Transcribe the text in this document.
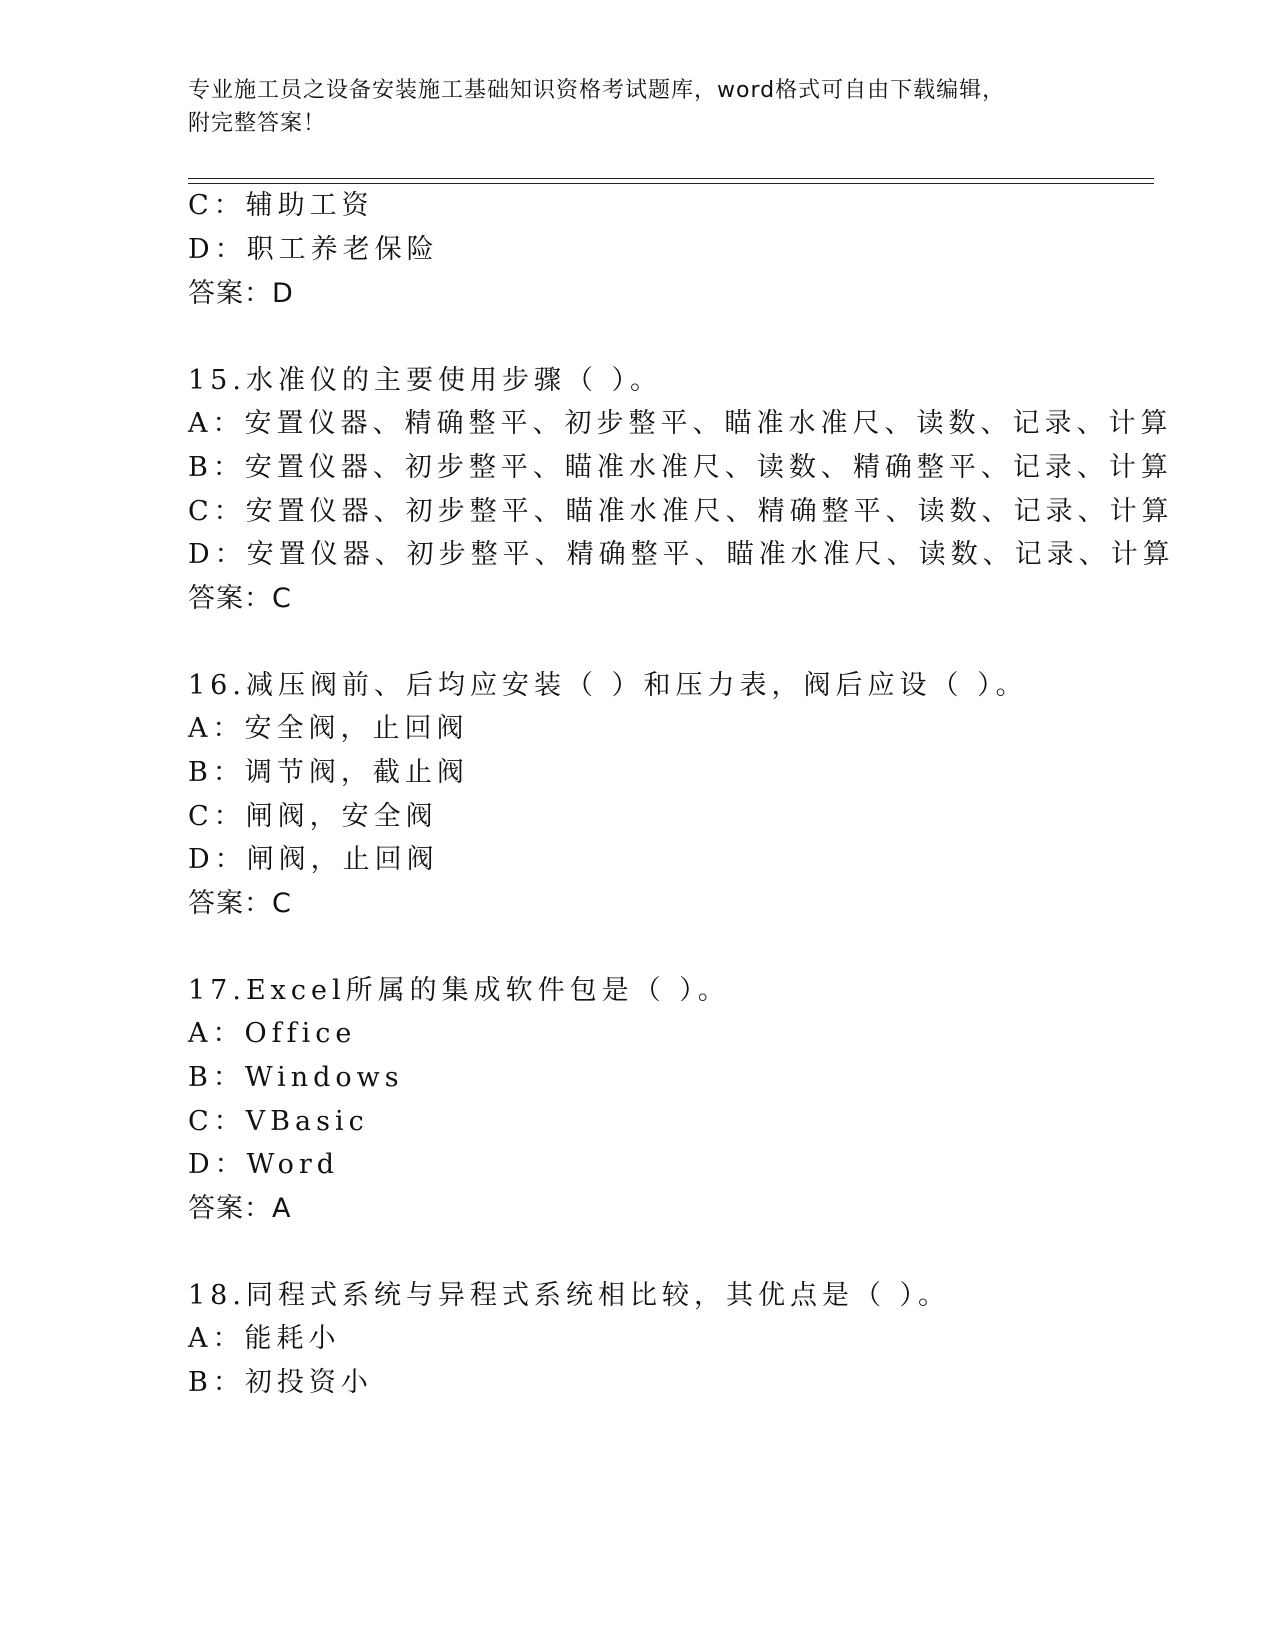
专业施工员之设备安装施工基础知识资格考试题库，word格式可自由下载编辑，
附完整答案！
C：辅助工资
D：职工养老保险
答案：D
15.水准仪的主要使用步骤（ ）。
A：安置仪器、精确整平、初步整平、瞄准水准尺、读数、记录、计算
B：安置仪器、初步整平、瞄准水准尺、读数、精确整平、记录、计算
C：安置仪器、初步整平、瞄准水准尺、精确整平、读数、记录、计算
D：安置仪器、初步整平、精确整平、瞄准水准尺、读数、记录、计算
答案：C
16.减压阀前、后均应安装（ ）和压力表，阀后应设（ ）。
A：安全阀，止回阀
B：调节阀，截止阀
C：闸阀，安全阀
D：闸阀，止回阀
答案：C
17.Excel所属的集成软件包是（ ）。
A：Office
B：Windows
C：VBasic
D：Word
答案：A
18.同程式系统与异程式系统相比较，其优点是（ ）。
A：能耗小
B：初投资小
